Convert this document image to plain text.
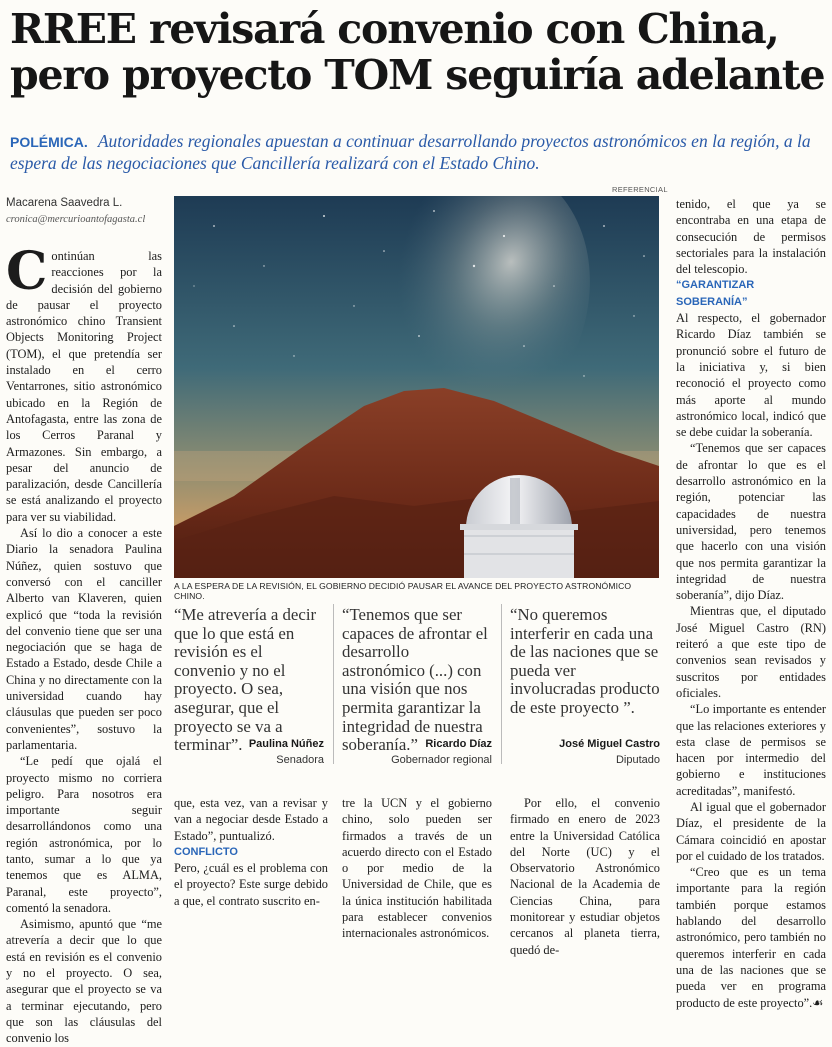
RREE revisará convenio con China,
pero proyecto TOM seguiría adelante
POLÉMICA. Autoridades regionales apuestan a continuar desarrollando proyectos astronómicos en la región, a la espera de las negociaciones que Cancillería realizará con el Estado Chino.
Macarena Saavedra L.
cronica@mercurioantofagasta.cl

Continúan las reacciones por la decisión del gobierno de pausar el proyecto astronómico chino Transient Objects Monitoring Project (TOM), el que pretendía ser instalado en el cerro Ventarrones, sitio astronómico ubicado en la Región de Antofagasta, entre las zona de los Cerros Paranal y Armazones. Sin embargo, a pesar del anuncio de paralización, desde Cancillería se está analizando el proyecto para ver su viabilidad.

Así lo dio a conocer a este Diario la senadora Paulina Núñez, quien sostuvo que conversó con el canciller Alberto van Klaveren, quien explicó que “toda la revisión del convenio tiene que ser una negociación que se haga de Estado a Estado, desde Chile a China y no directamente con la universidad cuando hay cláusulas que pueden ser poco convenientes”, sostuvo la parlamentaria.

“Le pedí que ojalá el proyecto mismo no corriera peligro. Para nosotros era importante seguir desarrollándonos como una región astronómica, por lo tanto, sumar a lo que ya tenemos que es ALMA, Paranal, este proyecto”, comentó la senadora.

Asimismo, apuntó que “me atrevería a decir que lo que está en revisión es el convenio y no el proyecto. O sea, asegurar que el proyecto se va a terminar ejecutando, pero que son las cláusulas del convenio los

REFERENCIAL
A LA ESPERA DE LA REVISIÓN, EL GOBIERNO DECIDIÓ PAUSAR EL AVANCE DEL PROYECTO ASTRONÓMICO CHINO.
“Me atrevería a decir que lo que está en revisión es el convenio y no el proyecto. O sea, asegurar, que el proyecto se va a terminar”. Paulina Núñez
Senadora
“Tenemos que ser capaces de afrontar el desarrollo astronómico (...) con una visión que nos permita garantizar la integridad de nuestra soberanía.” Ricardo Díaz
Gobernador regional
“No queremos interferir en cada una de las naciones que se pueda ver involucradas producto de este proyecto ”.
José Miguel Castro
Diputado

que, esta vez, van a revisar y van a negociar desde Estado a Estado”, puntualizó.

CONFLICTO

Pero, ¿cuál es el problema con el proyecto? Este surge debido a que, el contrato suscrito en-

tre la UCN y el gobierno chino, solo pueden ser firmados a través de un acuerdo directo con el Estado o por medio de la Universidad de Chile, que es la única institución habilitada para establecer convenios internacionales astronómicos.

Por ello, el convenio firmado en enero de 2023 entre la Universidad Católica del Norte (UC) y el Observatorio Astronómico Nacional de la Academia de Ciencias China, para monitorear y estudiar objetos cercanos al planeta tierra, quedó de-

tenido, el que ya se encontraba en una etapa de consecución de permisos sectoriales para la instalación del telescopio.

“GARANTIZAR SOBERANÍA”

Al respecto, el gobernador Ricardo Díaz también se pronunció sobre el futuro de la iniciativa y, si bien reconoció el proyecto como más aporte al mundo astronómico local, indicó que se debe cuidar la soberanía.

“Tenemos que ser capaces de afrontar lo que es el desarrollo astronómico en la región, potenciar las capacidades de nuestra universidad, pero tenemos que hacerlo con una visión que nos permita garantizar la integridad de nuestra soberanía”, dijo Díaz.

Mientras que, el diputado José Miguel Castro (RN) reiteró a que este tipo de convenios sean revisados y suscritos por entidades oficiales.

“Lo importante es entender que las relaciones exteriores y esta clase de permisos se hacen por intermedio del gobierno e instituciones acreditadas”, manifestó.

Al igual que el gobernador Díaz, el presidente de la Cámara coincidió en apostar por el cuidado de los tratados.

“Creo que es un tema importante para la región también porque estamos hablando del desarrollo astronómico, pero también no queremos interferir en cada una de las naciones que se pueda ver en programa producto de este proyecto”.☙
